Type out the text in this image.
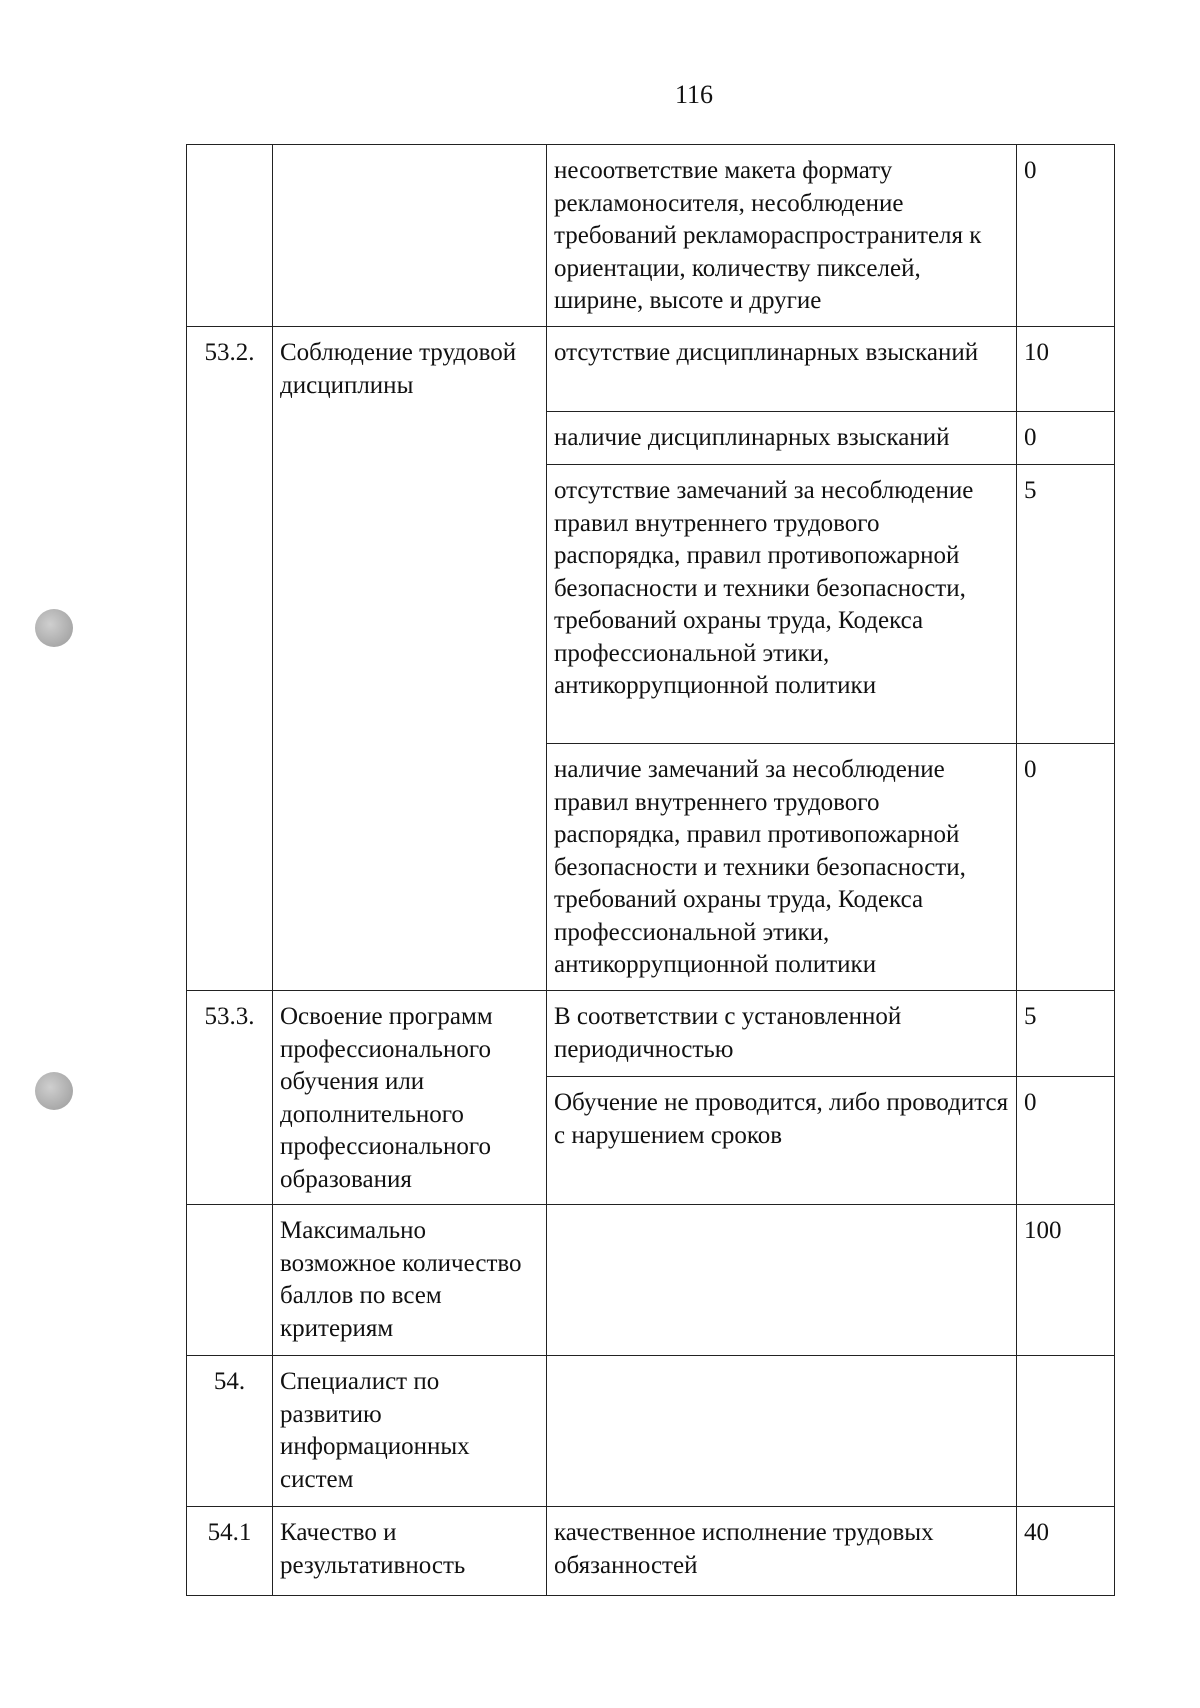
116
		несоответствие макета формату рекламоносителя, несоблюдение требований рекламораспространителя к ориентации, количеству пикселей, ширине, высоте и другие	0
53.2.	Соблюдение трудовой дисциплины	отсутствие дисциплинарных взысканий	10
		наличие дисциплинарных взысканий	0
		отсутствие замечаний за несоблюдение правил внутреннего трудового распорядка, правил противопожарной безопасности и техники безопасности, требований охраны труда, Кодекса профессиональной этики, антикоррупционной политики	5
		наличие замечаний за несоблюдение правил внутреннего трудового распорядка, правил противопожарной безопасности и техники безопасности, требований охраны труда, Кодекса профессиональной этики, антикоррупционной политики	0
53.3.	Освоение программ профессионального обучения или дополнительного профессионального образования	В соответствии с установленной периодичностью	5
		Обучение не проводится, либо проводится с нарушением сроков	0
	Максимально возможное количество баллов по всем критериям		100
54.	Специалист по развитию информационных систем		
54.1	Качество и результативность	качественное исполнение трудовых обязанностей	40
